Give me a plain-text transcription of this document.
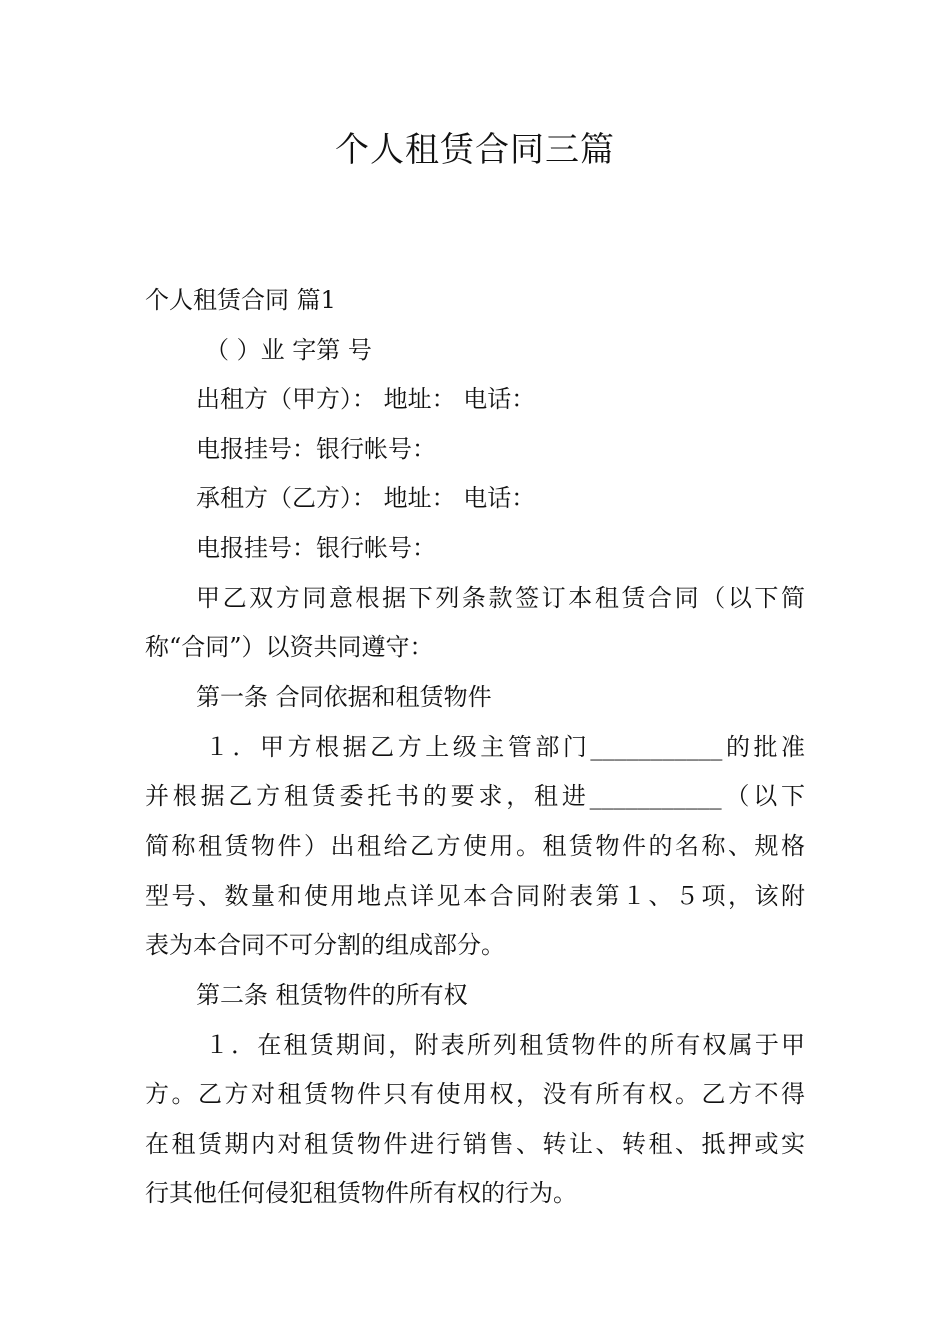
个人租赁合同三篇
个人租赁合同 篇1
（ ）业 字第 号
出租方（甲方）： 地址： 电话：
电报挂号：银行帐号：
承租方（乙方）： 地址： 电话：
电报挂号：银行帐号：
甲乙双方同意根据下列条款签订本租赁合同（以下简
称“合同”）以资共同遵守：
第一条 合同依据和租赁物件
１．甲方根据乙方上级主管部门___________的批准
并根据乙方租赁委托书的要求，租进___________（以下
简称租赁物件）出租给乙方使用。租赁物件的名称、规格
型号、数量和使用地点详见本合同附表第１、５项，该附
表为本合同不可分割的组成部分。
第二条 租赁物件的所有权
１．在租赁期间，附表所列租赁物件的所有权属于甲
方。乙方对租赁物件只有使用权，没有所有权。乙方不得
在租赁期内对租赁物件进行销售、转让、转租、抵押或实
行其他任何侵犯租赁物件所有权的行为。
